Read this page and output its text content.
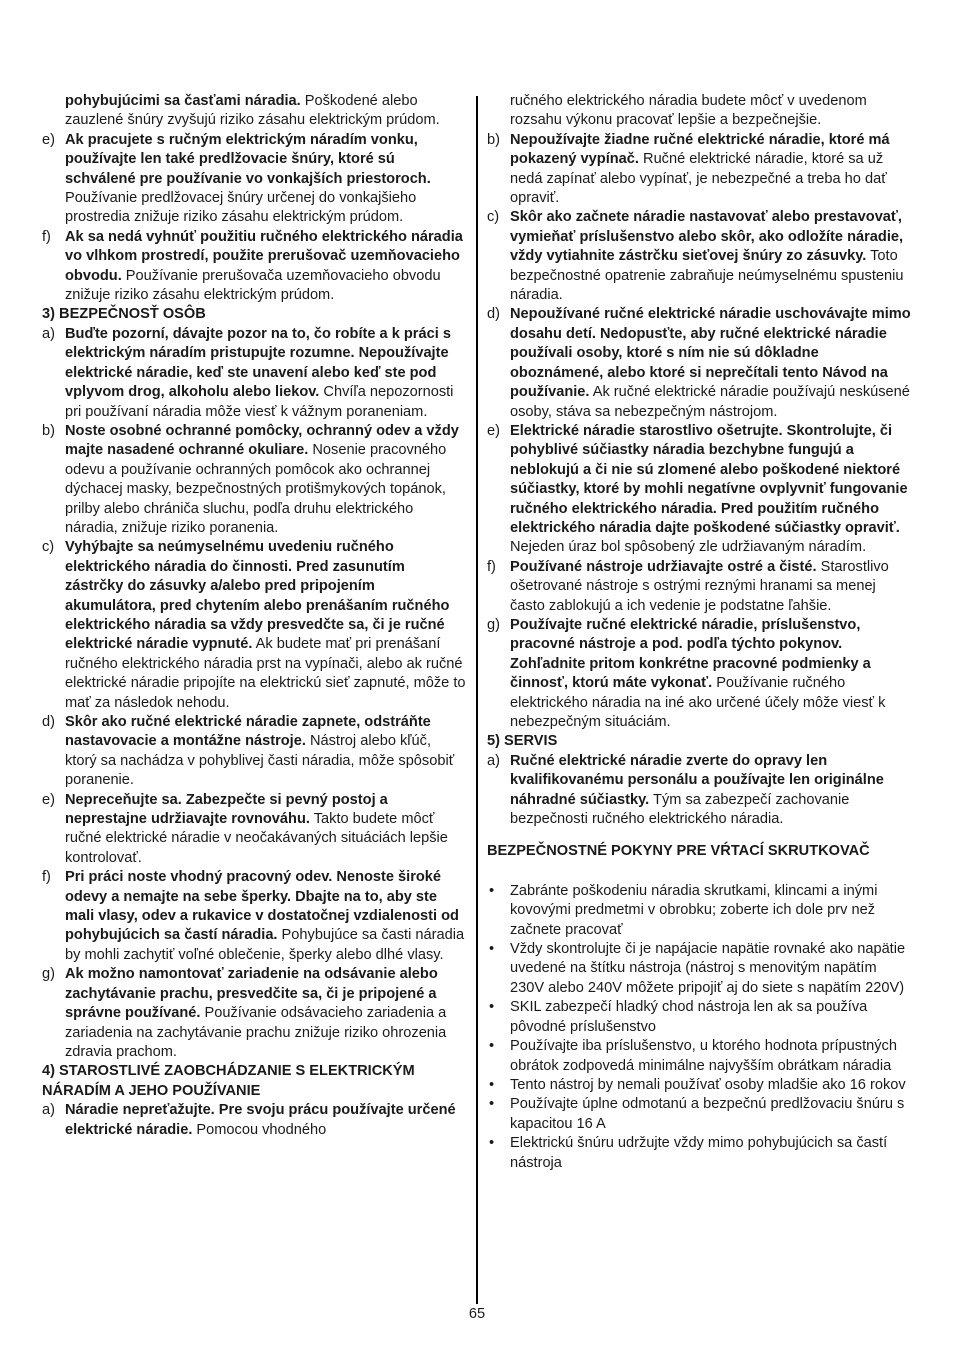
pohybujúcimi sa časťami náradia. Poškodené alebo zauzlené šnúry zvyšujú riziko zásahu elektrickým prúdom.
e) Ak pracujete s ručným elektrickým náradím vonku, používajte len také predlžovacie šnúry, ktoré sú schválené pre používanie vo vonkajších priestoroch. Používanie predlžovacej šnúry určenej do vonkajšieho prostredia znižuje riziko zásahu elektrickým prúdom.
f) Ak sa nedá vyhnúť použitiu ručného elektrického náradia vo vlhkom prostredí, použite prerušovač uzemňovacieho obvodu. Používanie prerušovača uzemňovacieho obvodu znižuje riziko zásahu elektrickým prúdom.
3) BEZPEČNOSŤ OSÔB
a) Buďte pozorní, dávajte pozor na to, čo robíte a k práci s elektrickým náradím pristupujte rozumne. Nepoužívajte elektrické náradie, keď ste unavení alebo keď ste pod vplyvom drog, alkoholu alebo liekov. Chvíľa nepozornosti pri používaní náradia môže viesť k vážnym poraneniam.
b) Noste osobné ochranné pomôcky, ochranný odev a vždy majte nasadené ochranné okuliare. Nosenie pracovného odevu a používanie ochranných pomôcok ako ochrannej dýchacej masky, bezpečnostných protišmykových topánok, prilby alebo chrániča sluchu, podľa druhu elektrického náradia, znižuje riziko poranenia.
c) Vyhýbajte sa neúmyselnému uvedeniu ručného elektrického náradia do činnosti. Pred zasunutím zástrčky do zásuvky a/alebo pred pripojením akumulátora, pred chytením alebo prenášaním ručného elektrického náradia sa vždy presvedčte sa, či je ručné elektrické náradie vypnuté. Ak budete mať pri prenášaní ručného elektrického náradia prst na vypínači, alebo ak ručné elektrické náradie pripojíte na elektrickú sieť zapnuté, môže to mať za následok nehodu.
d) Skôr ako ručné elektrické náradie zapnete, odstráňte nastavovacie a montážne nástroje. Nástroj alebo kľúč, ktorý sa nachádza v pohyblivej časti náradia, môže spôsobiť poranenie.
e) Nepreceňujte sa. Zabezpečte si pevný postoj a neprestajne udržiavajte rovnováhu. Takto budete môcť ručné elektrické náradie v neočakávaných situáciách lepšie kontrolovať.
f) Pri práci noste vhodný pracovný odev. Nenoste široké odevy a nemajte na sebe šperky. Dbajte na to, aby ste mali vlasy, odev a rukavice v dostatočnej vzdialenosti od pohybujúcich sa častí náradia. Pohybujúce sa časti náradia by mohli zachytiť voľné oblečenie, šperky alebo dlhé vlasy.
g) Ak možno namontovať zariadenie na odsávanie alebo zachytávanie prachu, presvedčite sa, či je pripojené a správne používané. Používanie odsávacieho zariadenia a zariadenia na zachytávanie prachu znižuje riziko ohrozenia zdravia prachom.
4) STAROSTLIVÉ ZAOBCHÁDZANIE S ELEKTRICKÝM NÁRADÍM A JEHO POUŽÍVANIE
a) Náradie nepreťažujte. Pre svoju prácu používajte určené elektrické náradie. Pomocou vhodného
ručného elektrického náradia budete môcť v uvedenom rozsahu výkonu pracovať lepšie a bezpečnejšie.
b) Nepoužívajte žiadne ručné elektrické náradie, ktoré má pokazený vypínač. Ručné elektrické náradie, ktoré sa už nedá zapínať alebo vypínať, je nebezpečné a treba ho dať opraviť.
c) Skôr ako začnete náradie nastavovať alebo prestavovať, vymieňať príslušenstvo alebo skôr, ako odložíte náradie, vždy vytiahnite zástrčku sieťovej šnúry zo zásuvky. Toto bezpečnostné opatrenie zabraňuje neúmyselnému spusteniu náradia.
d) Nepoužívané ručné elektrické náradie uschovávajte mimo dosahu detí. Nedopusťte, aby ručné elektrické náradie používali osoby, ktoré s ním nie sú dôkladne oboznámené, alebo ktoré si neprečítali tento Návod na používanie. Ak ručné elektrické náradie používajú neskúsené osoby, stáva sa nebezpečným nástrojom.
e) Elektrické náradie starostlivo ošetrujte. Skontrolujte, či pohyblivé súčiastky náradia bezchybne fungujú a neblokujú a či nie sú zlomené alebo poškodené niektoré súčiastky, ktoré by mohli negatívne ovplyvniť fungovanie ručného elektrického náradia. Pred použitím ručného elektrického náradia dajte poškodené súčiastky opraviť. Nejeden úraz bol spôsobený zle udržiavaným náradím.
f) Používané nástroje udržiavajte ostré a čisté. Starostlivo ošetrované nástroje s ostrými reznými hranami sa menej často zablokujú a ich vedenie je podstatne ľahšie.
g) Používajte ručné elektrické náradie, príslušenstvo, pracovné nástroje a pod. podľa týchto pokynov. Zohľadnite pritom konkrétne pracovné podmienky a činnosť, ktorú máte vykonať. Používanie ručného elektrického náradia na iné ako určené účely môže viesť k nebezpečným situáciám.
5) SERVIS
a) Ručné elektrické náradie zverte do opravy len kvalifikovanému personálu a používajte len originálne náhradné súčiastky. Tým sa zabezpečí zachovanie bezpečnosti ručného elektrického náradia.
BEZPEČNOSTNÉ POKYNY PRE VŔTACÍ SKRUTKOVAČ
• Zabránte poškodeniu náradia skrutkami, klincami a inými kovovými predmetmi v obrobku; zoberte ich dole prv než začnete pracovať
• Vždy skontrolujte či je napájacie napätie rovnaké ako napätie uvedené na štítku nástroja (nástroj s menovitým napätím 230V alebo 240V môžete pripojiť aj do siete s napätím 220V)
• SKIL zabezpečí hladký chod nástroja len ak sa používa pôvodné príslušenstvo
• Používajte iba príslušenstvo, u ktorého hodnota prípustných obrátok zodpovedá minimálne najvyšším obrátkam náradia
• Tento nástroj by nemali používať osoby mladšie ako 16 rokov
• Používajte úplne odmotanú a bezpečnú predlžovaciu šnúru s kapacitou 16 A
• Elektrickú šnúru udržujte vždy mimo pohybujúcich sa častí nástroja
65
